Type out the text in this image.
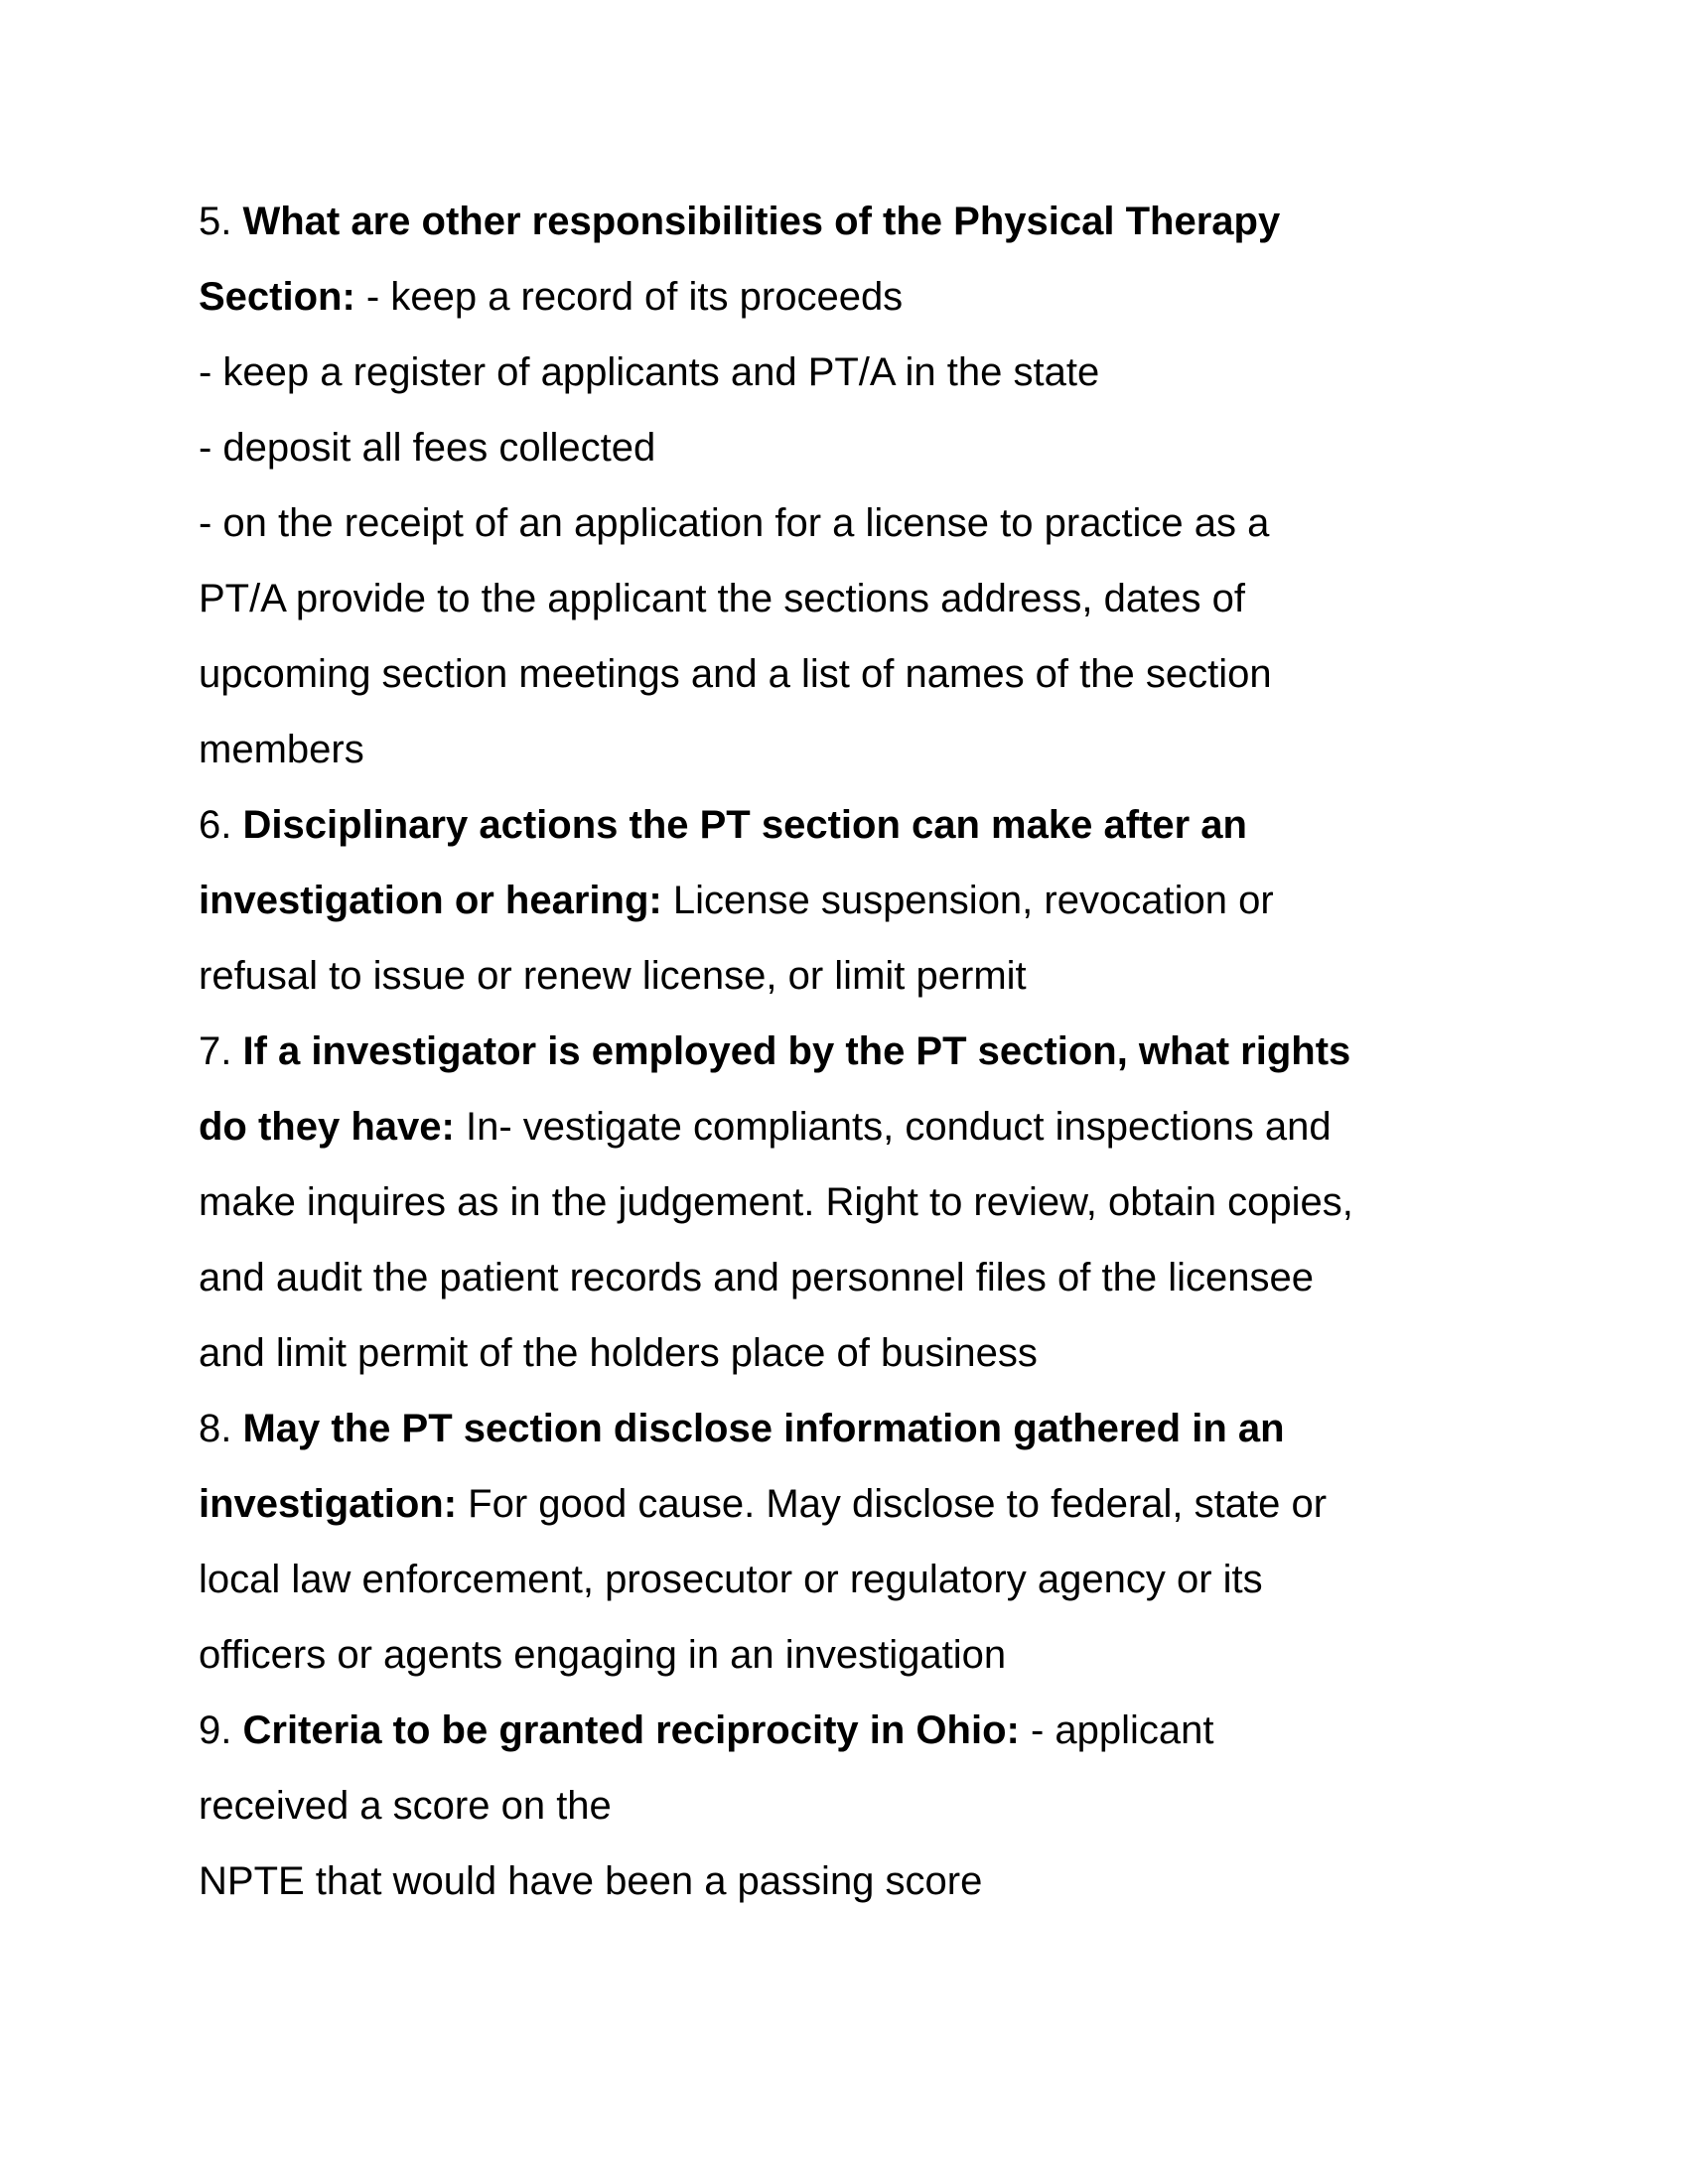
5. What are other responsibilities of the Physical Therapy
Section: - keep a record of its proceeds
- keep a register of applicants and PT/A in the state
- deposit all fees collected
- on the receipt of an application for a license to practice as a
PT/A provide to the applicant the sections address, dates of
upcoming section meetings and a list of names of the section
members
6. Disciplinary actions the PT section can make after an
investigation or hearing: License suspension, revocation or
refusal to issue or renew license, or limit permit
7. If a investigator is employed by the PT section, what rights
do they have: In- vestigate compliants, conduct inspections and
make inquires as in the judgement. Right to review, obtain copies,
and audit the patient records and personnel files of the licensee
and limit permit of the holders place of business
8. May the PT section disclose information gathered in an
investigation: For good cause. May disclose to federal, state or
local law enforcement, prosecutor or regulatory agency or its
officers or agents engaging in an investigation
9. Criteria to be granted reciprocity in Ohio: - applicant
received a score on the
NPTE that would have been a passing score
